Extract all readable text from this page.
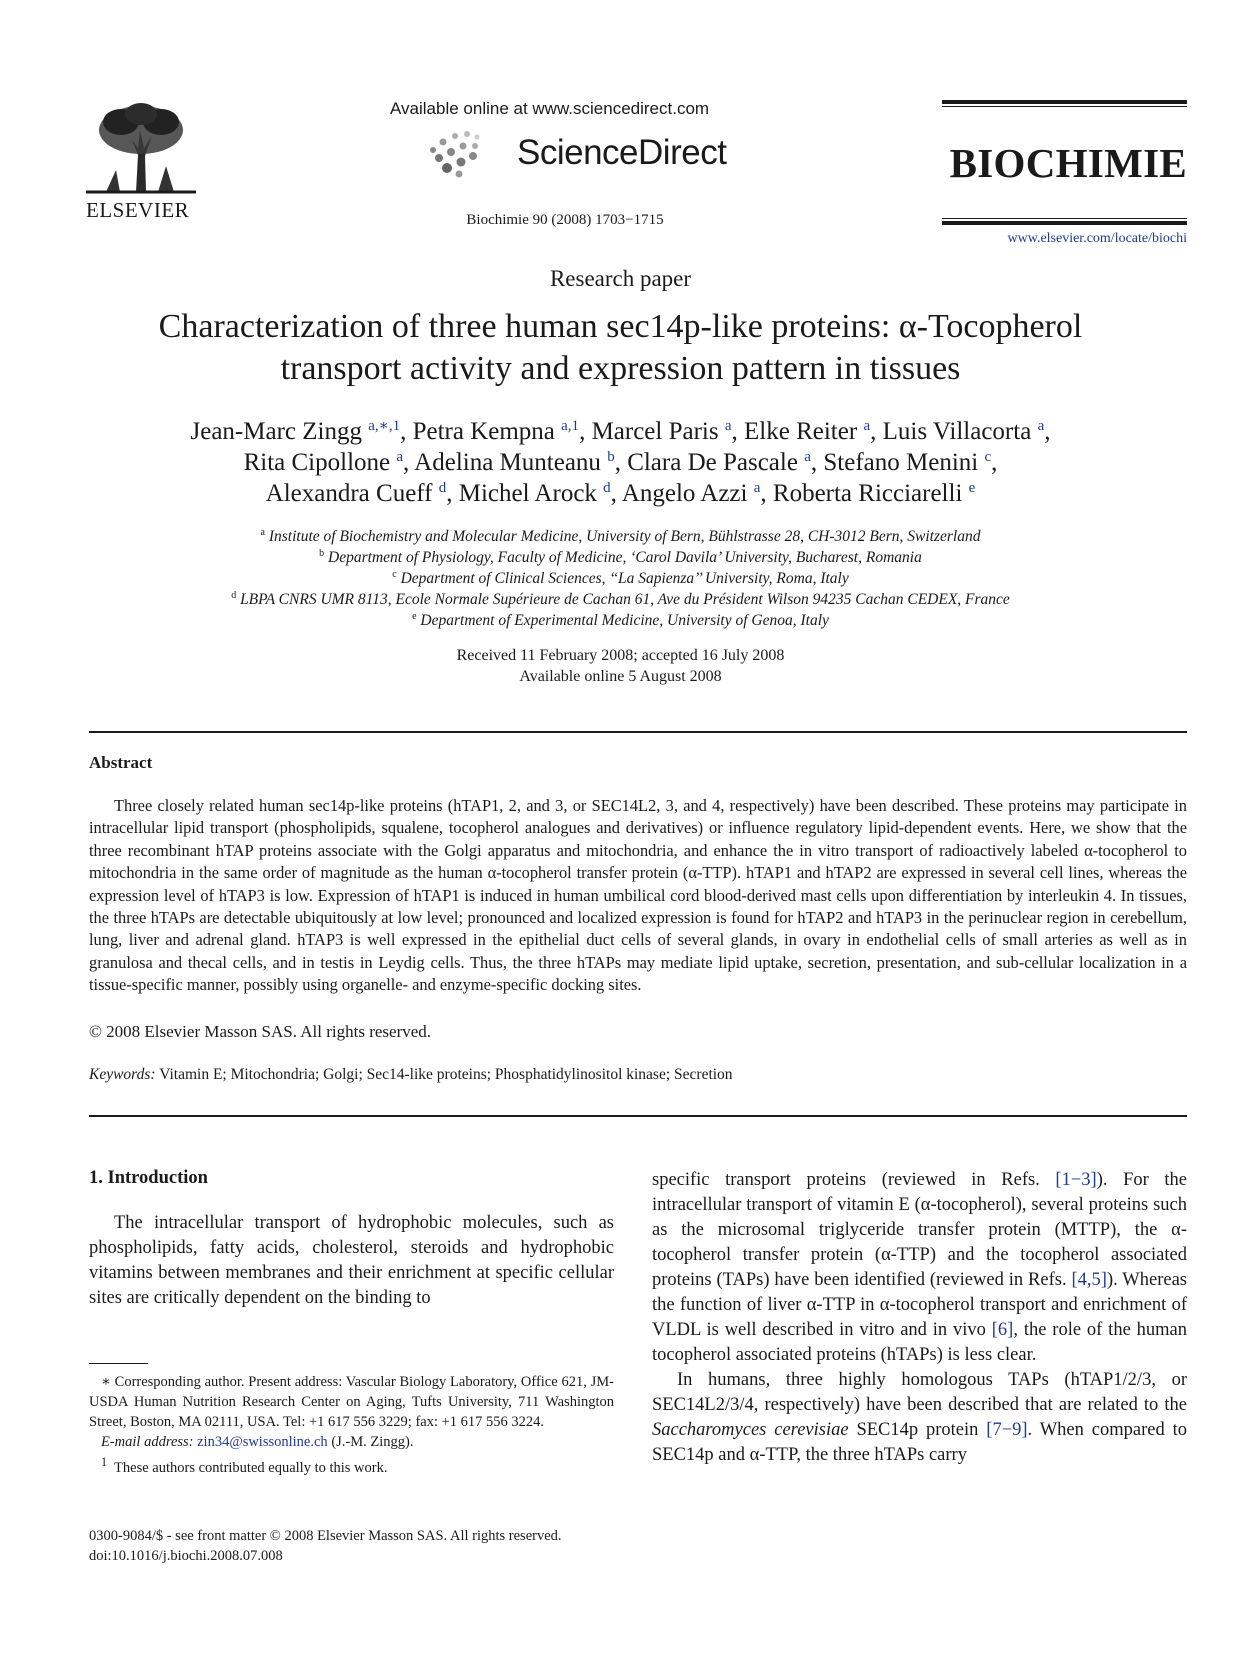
ELSEVIER
Available online at www.sciencedirect.com
ScienceDirect
Biochimie 90 (2008) 1703−1715
BIOCHIMIE
www.elsevier.com/locate/biochi
Research paper
Characterization of three human sec14p-like proteins: α-Tocopherol
transport activity and expression pattern in tissues
Jean-Marc Zingg $^{a,∗,1}$, Petra Kempna $^{a,1}$, Marcel Paris $^a$, Elke Reiter $^a$, Luis Villacorta $^a$,
Rita Cipollone $^a$, Adelina Munteanu $^b$, Clara De Pascale $^a$, Stefano Menini $^c$,
Alexandra Cueff $^d$, Michel Arock $^d$, Angelo Azzi $^a$, Roberta Ricciarelli $^e$
$^a$ Institute of Biochemistry and Molecular Medicine, University of Bern, Bühlstrasse 28, CH-3012 Bern, Switzerland
$^b$ Department of Physiology, Faculty of Medicine, ‘Carol Davila’ University, Bucharest, Romania
$^c$ Department of Clinical Sciences, ‘‘La Sapienza’’ University, Roma, Italy
$^d$ LBPA CNRS UMR 8113, Ecole Normale Supérieure de Cachan 61, Ave du Président Wilson 94235 Cachan CEDEX, France
$^e$ Department of Experimental Medicine, University of Genoa, Italy
Received 11 February 2008; accepted 16 July 2008
Available online 5 August 2008
Abstract

Three closely related human sec14p-like proteins (hTAP1, 2, and 3, or SEC14L2, 3, and 4, respectively) have been described. These proteins may participate in intracellular lipid transport (phospholipids, squalene, tocopherol analogues and derivatives) or influence regulatory lipid-dependent events. Here, we show that the three recombinant hTAP proteins associate with the Golgi apparatus and mitochondria, and enhance the in vitro transport of radioactively labeled α-tocopherol to mitochondria in the same order of magnitude as the human α-tocopherol transfer protein (α-TTP). hTAP1 and hTAP2 are expressed in several cell lines, whereas the expression level of hTAP3 is low. Expression of hTAP1 is induced in human umbilical cord blood-derived mast cells upon differentiation by interleukin 4. In tissues, the three hTAPs are detectable ubiquitously at low level; pronounced and localized expression is found for hTAP2 and hTAP3 in the perinuclear region in cerebellum, lung, liver and adrenal gland. hTAP3 is well expressed in the epithelial duct cells of several glands, in ovary in endothelial cells of small arteries as well as in granulosa and thecal cells, and in testis in Leydig cells. Thus, the three hTAPs may mediate lipid uptake, secretion, presentation, and sub-cellular localization in a tissue-specific manner, possibly using organelle- and enzyme-specific docking sites.

© 2008 Elsevier Masson SAS. All rights reserved.
Keywords: Vitamin E; Mitochondria; Golgi; Sec14-like proteins; Phosphatidylinositol kinase; Secretion
1. Introduction

The intracellular transport of hydrophobic molecules, such as phospholipids, fatty acids, cholesterol, steroids and hydrophobic vitamins between membranes and their enrichment at specific cellular sites are critically dependent on the binding to

∗ Corresponding author. Present address: Vascular Biology Laboratory, Office 621, JM-USDA Human Nutrition Research Center on Aging, Tufts University, 711 Washington Street, Boston, MA 02111, USA. Tel: +1 617 556 3229; fax: +1 617 556 3224.

E-mail address: zin34@swissonline.ch (J.-M. Zingg).

$^1$ These authors contributed equally to this work.

0300-9084/$ - see front matter © 2008 Elsevier Masson SAS. All rights reserved.
doi:10.1016/j.biochi.2008.07.008

specific transport proteins (reviewed in Refs. [1−3]). For the intracellular transport of vitamin E (α-tocopherol), several proteins such as the microsomal triglyceride transfer protein (MTTP), the α-tocopherol transfer protein (α-TTP) and the tocopherol associated proteins (TAPs) have been identified (reviewed in Refs. [4,5]). Whereas the function of liver α-TTP in α-tocopherol transport and enrichment of VLDL is well described in vitro and in vivo [6], the role of the human tocopherol associated proteins (hTAPs) is less clear.

In humans, three highly homologous TAPs (hTAP1/2/3, or SEC14L2/3/4, respectively) have been described that are related to the Saccharomyces cerevisiae SEC14p protein [7−9]. When compared to SEC14p and α-TTP, the three hTAPs carry
